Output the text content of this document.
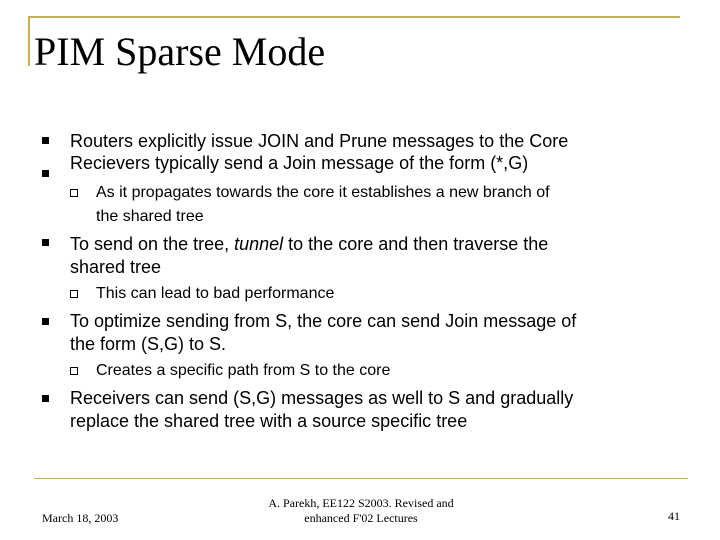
PIM Sparse Mode
Routers explicitly issue JOIN and Prune messages to the Core
Recievers typically send a Join message of the form (*,G)
As it propagates towards the core it establishes a new branch of
the shared tree
To send on the tree, tunnel to the core and then traverse the
shared tree
This can lead to bad performance
To optimize sending from S, the core can send Join message of
the form (S,G) to S.
Creates a specific path from S to the core
Receivers can send (S,G) messages as well to S and gradually
replace the shared tree with a source specific tree
March 18, 2003
A. Parekh, EE122 S2003. Revised and
enhanced F'02 Lectures	41
